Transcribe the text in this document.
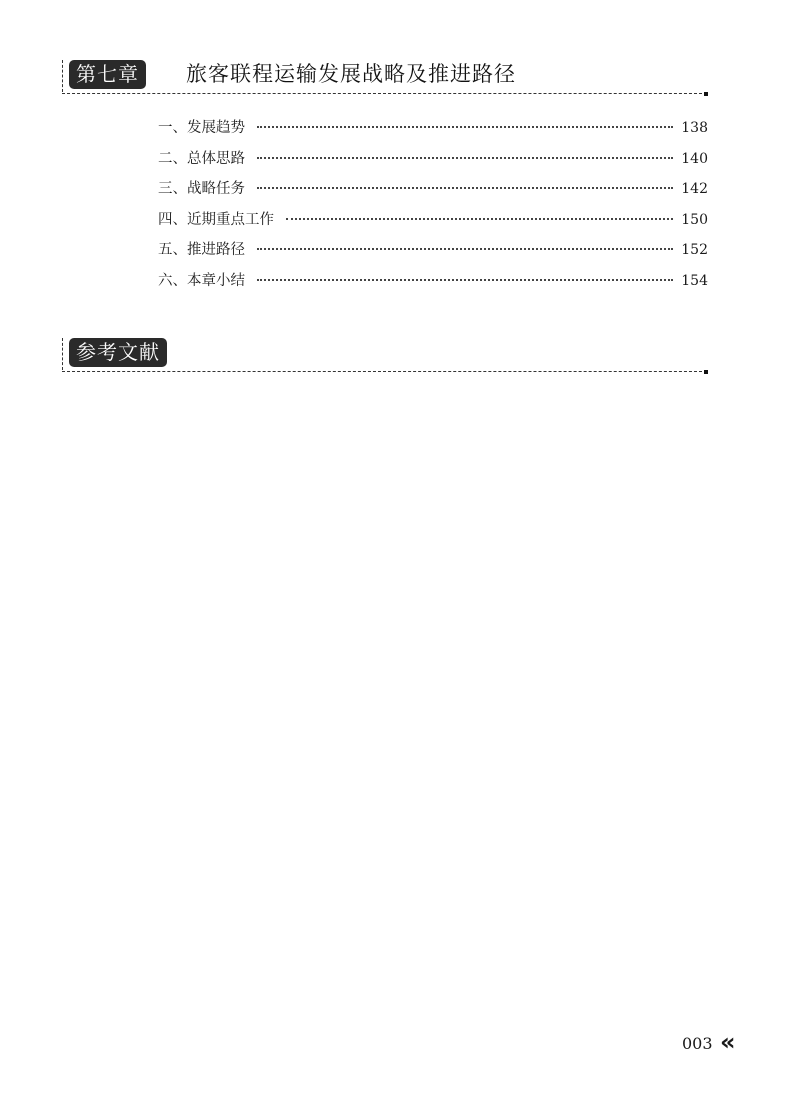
第七章	旅客联程运输发展战略及推进路径
一、发展趋势	138
二、总体思路	140
三、战略任务	142
四、近期重点工作	150
五、推进路径	152
六、本章小结	154
参考文献
003 «
